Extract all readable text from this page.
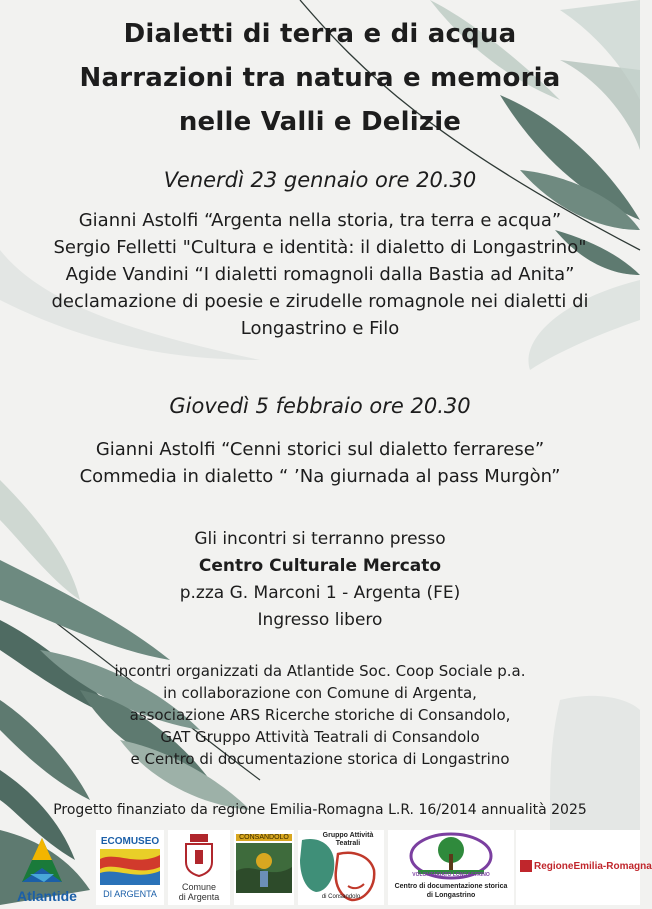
Dialetti di terra e di acqua
Narrazioni tra natura e memoria
nelle Valli e Delizie
Venerdì 23 gennaio ore 20.30
Gianni Astolfi “Argenta nella storia, tra terra e acqua”
Sergio Felletti "Cultura e identità: il dialetto di Longastrino"
Agide Vandini “I dialetti romagnoli dalla Bastia ad Anita”
declamazione di poesie e zirudelle romagnole nei dialetti di Longastrino e Filo
Giovedì 5 febbraio ore 20.30
Gianni Astolfi “Cenni storici sul dialetto ferrarese”
Commedia in dialetto “ ’Na giurnada al pass Murgòn”
Gli incontri si terranno presso
Centro Culturale Mercato
p.zza G. Marconi 1 - Argenta (FE)
Ingresso libero
incontri organizzati da Atlantide Soc. Coop Sociale p.a.
in collaborazione con Comune di Argenta,
associazione ARS Ricerche storiche di Consandolo,
GAT Gruppo Attività Teatrali di Consandolo
e Centro di documentazione storica di Longastrino
Progetto finanziato da regione Emilia-Romagna L.R. 16/2014 annualità 2025
Atlantide
ECOMUSEO
DI ARGENTA
Comune
di Argenta
CONSANDOLO	Gruppo Attività Teatrali
di Consandolo
VOLONTARIATO LONGASTRINO
Centro di documentazione storica
di Longastrino
RegioneEmilia-Romagna
